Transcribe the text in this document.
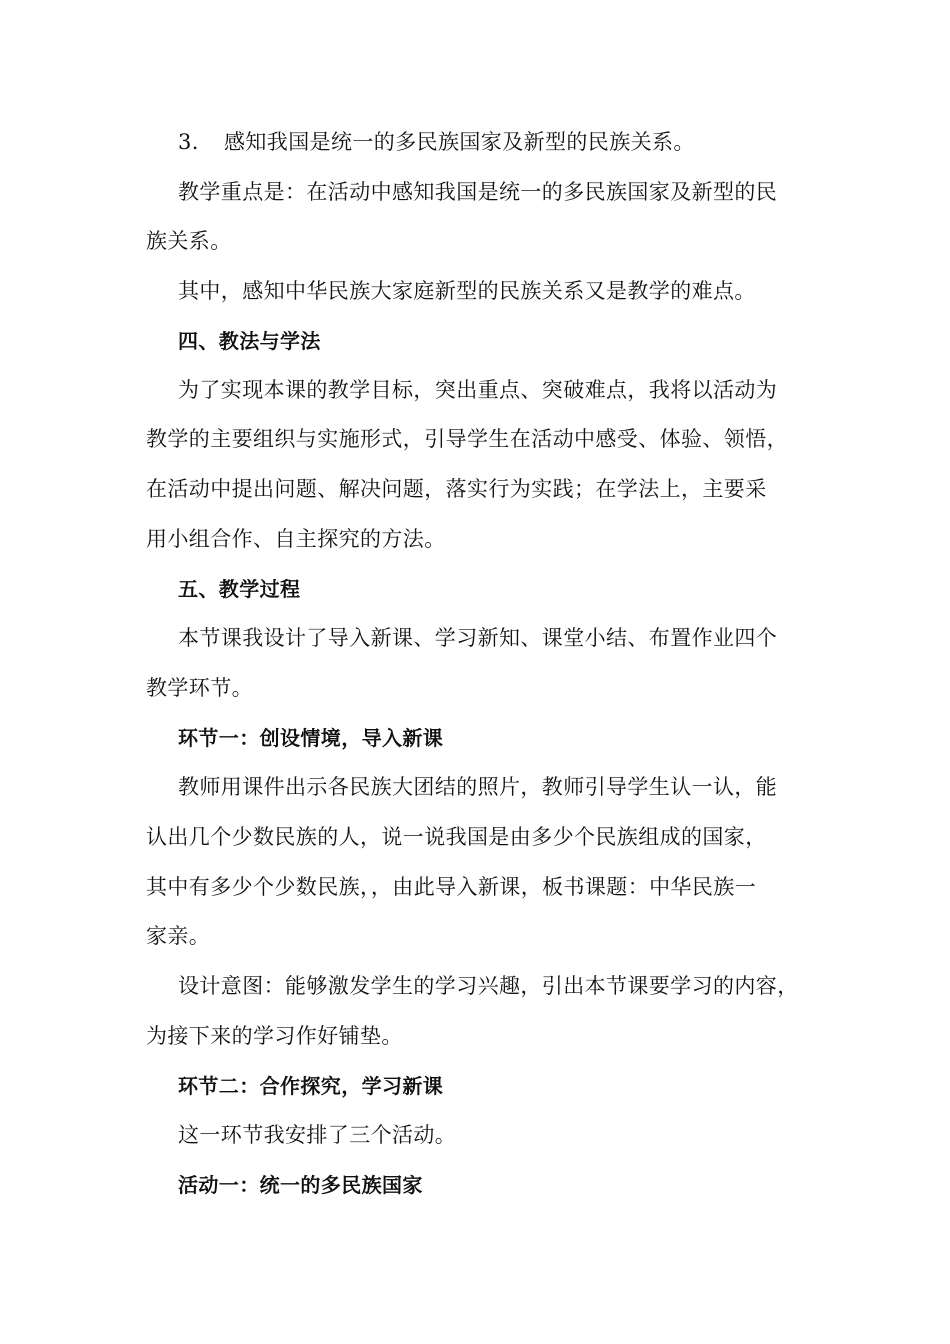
3. 感知我国是统一的多民族国家及新型的民族关系。

教学重点是：在活动中感知我国是统一的多民族国家及新型的民

族关系。

其中，感知中华民族大家庭新型的民族关系又是教学的难点。

四、教法与学法

为了实现本课的教学目标，突出重点、突破难点，我将以活动为

教学的主要组织与实施形式，引导学生在活动中感受、体验、领悟，

在活动中提出问题、解决问题，落实行为实践；在学法上，主要采

用小组合作、自主探究的方法。

五、教学过程

本节课我设计了导入新课、学习新知、课堂小结、布置作业四个

教学环节。

环节一：创设情境，导入新课

教师用课件出示各民族大团结的照片，教师引导学生认一认，能

认出几个少数民族的人，说一说我国是由多少个民族组成的国家，

其中有多少个少数民族，，由此导入新课，板书课题：中华民族一

家亲。

设计意图：能够激发学生的学习兴趣，引出本节课要学习的内容，

为接下来的学习作好铺垫。

环节二：合作探究，学习新课

这一环节我安排了三个活动。

活动一：统一的多民族国家
